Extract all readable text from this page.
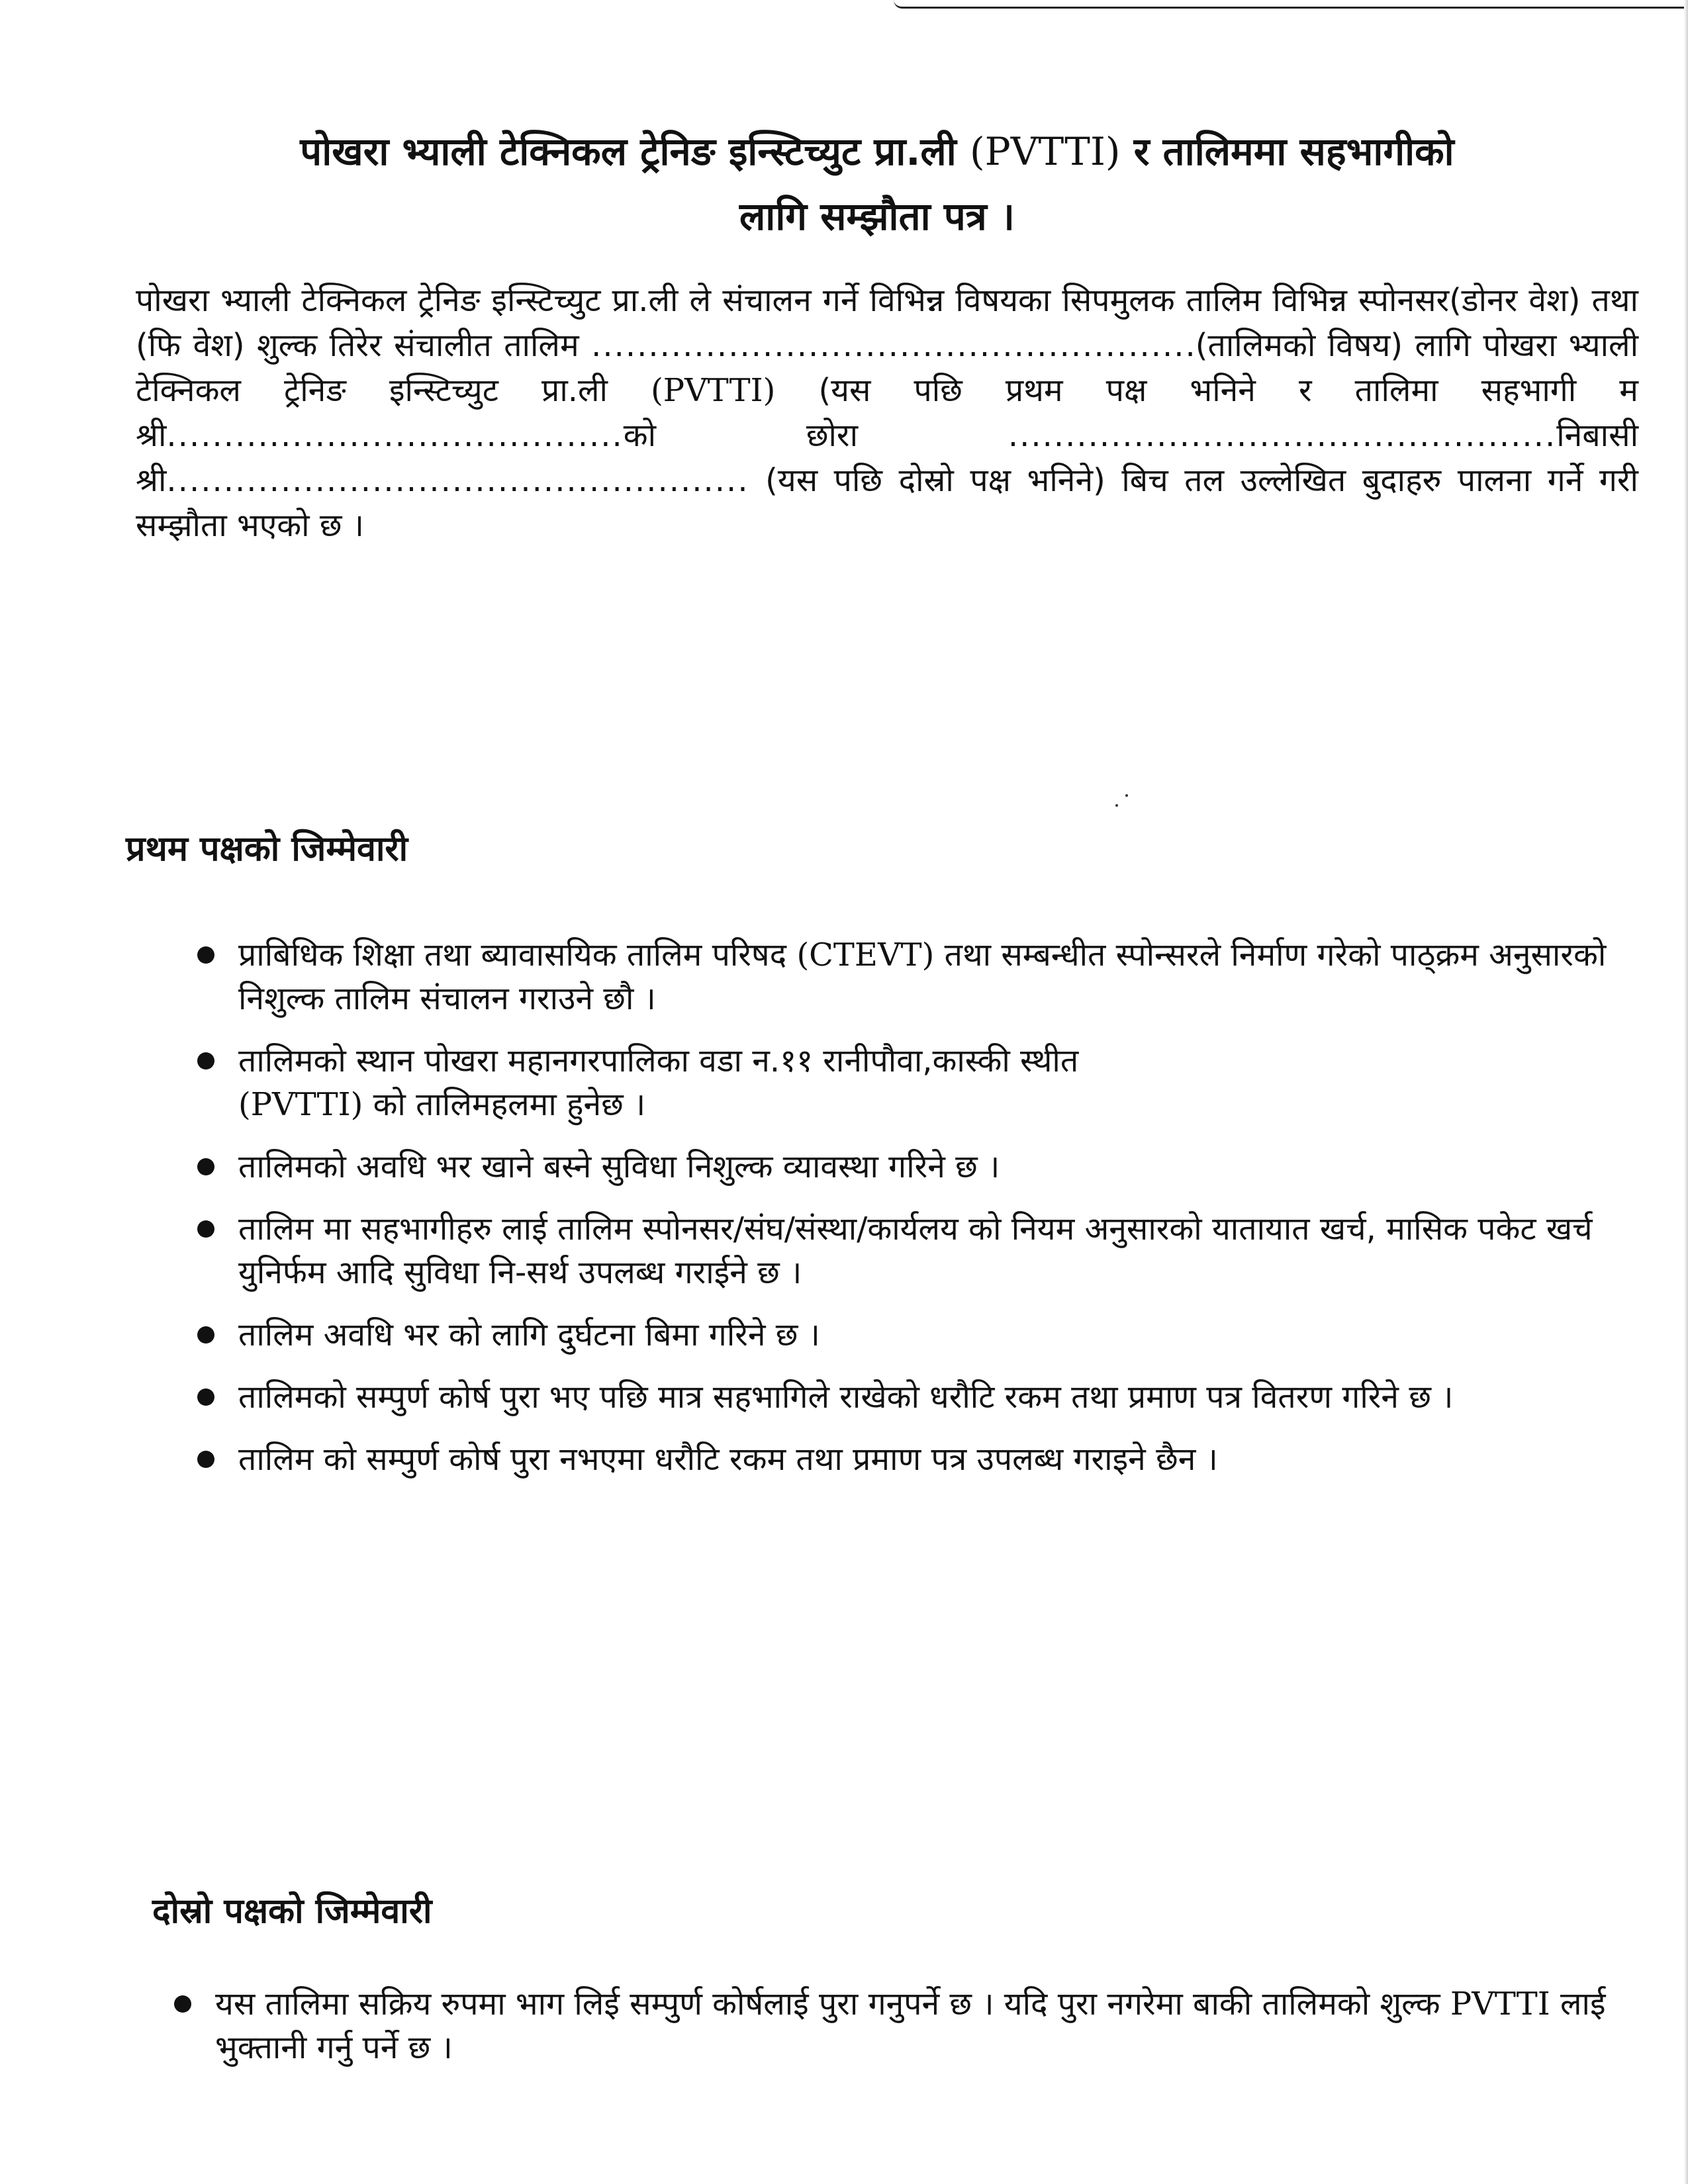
पोखरा भ्याली टेक्निकल ट्रेनिङ इन्स्टिच्युट प्रा.ली (PVTTI) र तालिममा सहभागीको
लागि सम्झौता पत्र ।
पोखरा भ्याली टेक्निकल ट्रेनिङ इन्स्टिच्युट प्रा.ली ले संचालन गर्ने विभिन्न विषयका सिपमुलक तालिम विभिन्न स्पोनसर(डोनर वेश) तथा (फि वेश) शुल्क तिरेर संचालीत तालिम .....................................................(तालिमको विषय) लागि पोखरा भ्याली टेक्निकल ट्रेनिङ इन्स्टिच्युट प्रा.ली (PVTTI) (यस पछि प्रथम पक्ष भनिने र तालिमा सहभागी म श्री........................................को छोरा	................................................निबासी श्री................................................... (यस पछि दोस्रो पक्ष भनिने) बिच तल उल्लेखित बुदाहरु पालना गर्ने गरी सम्झौता भएको छ ।
प्रथम पक्षको जिम्मेवारी
प्राबिधिक शिक्षा तथा ब्यावासयिक तालिम परिषद (CTEVT) तथा सम्बन्धीत स्पोन्सरले निर्माण गरेको पाठ्क्रम अनुसारको निशुल्क तालिम संचालन गराउने छौ ।
तालिमको स्थान पोखरा महानगरपालिका वडा न.११ रानीपौवा,कास्की स्थीत
(PVTTI) को तालिमहलमा हुनेछ ।
तालिमको अवधि भर खाने बस्ने सुविधा निशुल्क व्यावस्था गरिने छ ।
तालिम मा सहभागीहरु लाई तालिम स्पोनसर/संघ/संस्था/कार्यलय को नियम अनुसारको यातायात खर्च, मासिक पकेट खर्च युनिर्फम आदि सुविधा नि-सर्थ उपलब्ध गराईने छ ।
तालिम अवधि भर को लागि दुर्घटना बिमा गरिने छ ।
तालिमको सम्पुर्ण कोर्ष पुरा भए पछि मात्र सहभागिले राखेको धरौटि रकम तथा प्रमाण पत्र वितरण गरिने छ ।
तालिम को सम्पुर्ण कोर्ष पुरा नभएमा धरौटि रकम तथा प्रमाण पत्र उपलब्ध गराइने छैन ।
दोस्रो पक्षको जिम्मेवारी
यस तालिमा सक्रिय रुपमा भाग लिई सम्पुर्ण कोर्षलाई पुरा गनुपर्ने छ । यदि पुरा नगरेमा बाकी तालिमको शुल्क PVTTI लाई भुक्तानी गर्नु पर्ने छ ।
